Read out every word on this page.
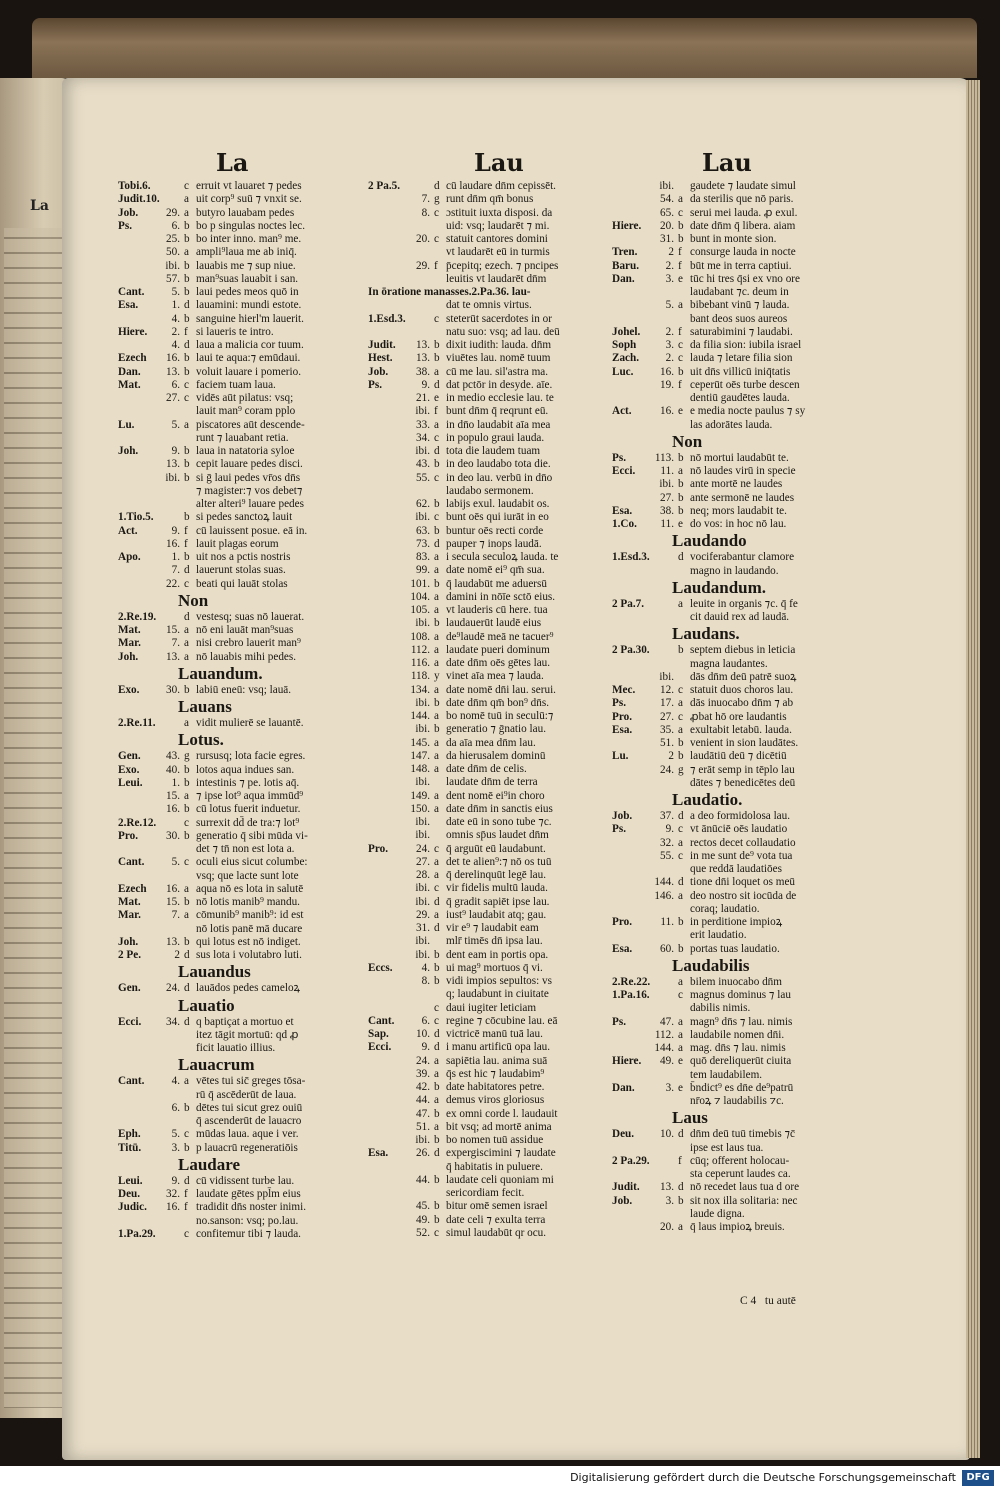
La
La	Lau	Lau
Tobi.6.	c erruit vt lauaret ⁊ pedes
Judit.10. a uit corp⁹ suū ⁊ vnxit se.
Job.	29. a butyro lauabam pedes
Ps.	6. b bo p singulas noctes lec.
25. b bo inter inno. man⁹ me.
50. a ampli⁹laua me ab iniq̄.
ibi. b lauabis me ⁊ sup niue.
57. b man⁹suas lauabit i san.
Cant.	5. b laui pedes meos quō in
Esa.	1. d lauamini: mundi estote.
4. b sanguine hierl'm lauerit.
Hiere.	2. f si laueris te intro.
4. d laua a malicia cor tuum.
Ezech	16. b laui te aqua:⁊ emūdaui.
Dan.	13. b voluit lauare i pomerio.
Mat.	6. c faciem tuam laua.
27. c vidēs aūt pilatus: vsq;
lauit man⁹ coram pplo
Lu.	5. a piscatores aūt descende-
runt ⁊ lauabant retia.
Joh.	9. b laua in natatoria syloe
13. b cepit lauare pedes disci.
ibi. b si ḡ laui pedes vr̄os dn̄s
⁊ magister:⁊ vos debet⁊
alter alteri⁹ lauare pedes
1.Tio.5.	b si pedes sanctoꝝ lauit
Act.	9. f cū lauissent posue. eā in.
16. f lauit plagas eorum
Apo.	1. b uit nos a pctis nostris
7. d lauerunt stolas suas.
22. c beati qui lauāt stolas
Non
2.Re.19. d vestesq; suas nō lauerat.
Mat.	15. a nō eni lauāt man⁹suas
Mar.	7. a nisi crebro lauerit man⁹
Joh.	13. a nō lauabis mihi pedes.
Lauandum.
Exo.	30. b labiū eneū: vsq; lauā.
Lauans
2.Re.11.	a vidit mulierē se lauantē.
Lotus.
Gen.	43. g rursusq; lota facie egres.
Exo.	40. b lotos aqua indues san.
Leui.	1. b intestinis ⁊ pe. lotis aq̄.
15. a ⁊ ipse lot⁹ aqua immūd⁹
16. b cū lotus fuerit induetur.
2.Re.12. c surrexit dd̄ de tra:⁊ lot⁹
Pro.	30. b generatio q̄ sibi mūda vi-
det ⁊ tn̄ non est lota a.
Cant.	5. c oculi eius sicut columbe:
vsq; que lacte sunt lote
Ezech	16. a aqua nō es lota in salutē
Mat.	15. b nō lotis manib⁹ mandu.
Mar.	7. a cōmunib⁹ manib⁹: id est
nō lotis panē mā ducare
Joh.	13. b qui lotus est nō indiget.
2 Pe.	2 d sus lota i volutabro luti.
Lauandus
Gen.	24. d lauādos pedes cameloꝝ
Lauatio
Ecci.	34. d q baptiçat a mortuo et
itez tāgit mortuū: qd ꝓ
ficit lauatio illius.
Lauacrum
Cant.	4. a vētes tui sic̄ greges tōsa-
rū q̄ ascēderūt de laua.
6. b dētes tui sicut grez ouiū
q̄ ascenderūt de lauacro
Eph.	5. c mūdas laua. aque i ver.
Titū.	3. b p lauacrū regeneratiōis
Laudare
Leui.	9. d cū vidissent turbe lau.
Deu.	32. f laudate gētes ppl̄m eius
Judic.	16. f tradidit dn̄s noster inimi.
no.sanson: vsq; po.lau.
1.Pa.29.	c confitemur tibi ⁊ lauda.
2 Pa.5.	d cū laudare dn̄m cepissēt.
7. g runt dn̄m qm̄ bonus
8. c ɔstituit iuxta disposi. da
uid: vsq; laudarēt ⁊ mi.
20. c statuit cantores domini
vt laudarēt eū in turmis
29. f p̄cepitq; ezech. ⁊ pncipes
leuitis vt laudarēt dn̄m
In ōratione manasses.2.Pa.36. lau-
dat te omnis virtus.
1.Esd.3.	c steterūt sacerdotes in or
natu suo: vsq; ad lau. deū
Judit.	13. b dixit iudith: lauda. dn̄m
Hest.	13. b viuētes lau. nomē tuum
Job.	38. a cū me lau. sil'astra ma.
Ps.	9. d dat pctōr in desyde. aīe.
21. e in medio ecclesie lau. te
ibi. f bunt dn̄m q̄ reqrunt eū.
33. a in dn̄o laudabit aīa mea
34. c in populo graui lauda.
ibi. d tota die laudem tuam
43. b in deo laudabo tota die.
55. c in deo lau. verbū in dn̄o
laudabo sermonem.
62. b labijs exul. laudabit os.
ibi. c bunt oēs qui iurāt in eo
63. b buntur oēs recti corde
73. d pauper ⁊ inops laudā.
83. a i secula seculoꝝ lauda. te
99. a date nomē ei⁹ qm̄ sua.
101. b q̄ laudabūt me aduersū
104. a damini in nōīe sctō eius.
105. a vt lauderis cū here. tua
ibi. b laudauerūt laudē eius
108. a de⁹laudē meā ne tacuer⁹
112. a laudate pueri dominum
116. a date dn̄m oēs gētes lau.
118. y vinet aīa mea ⁊ lauda.
134. a date nomē dn̄i lau. serui.
ibi. b date dn̄m qm̄ bon⁹ dn̄s.
144. a bo nomē tuū in seculū:⁊
ibi. b generatio ⁊ ḡnatio lau.
145. a da aīa mea dn̄m lau.
147. a da hierusalem dominū
148. a date dn̄m de celis.
ibi.	laudate dn̄m de terra
149. a dent nomē ei⁹in choro
150. a date dn̄m in sanctis eius
ibi.	date eū in sono tube ⁊c.
ibi.	omnis sp̄us laudet dn̄m
Pro.	24. c q̄ arguūt eū laudabunt.
27. a det te alien⁹:⁊ nō os tuū
28. a q̄ derelinquūt legē lau.
ibi. c vir fidelis multū lauda.
ibi. d q̄ gradit sapiēt ipse lau.
29. a iust⁹ laudabit atq; gau.
31. d vir e⁹ ⁊ laudabit eam
ibi.	mlr̄ timēs dn̄ ipsa lau.
ibi. b dent eam in portis opa.
Eccs.	4. b ui mag⁹ mortuos q̄ vi.
8. b vidi impios sepultos: vs
q; laudabunt in ciuitate
c daui iugiter leticiam
Cant.	6. c regine ⁊ cōcubine lau. eā
Sap.	10. d victricē manū tuā lau.
Ecci.	9. d i manu artificū opa lau.
24. a sapiētia lau. anima suā
39. a q̄s est hic ⁊ laudabim⁹
42. b date habitatores petre.
44. a demus viros gloriosus
47. b ex omni corde l. laudauit
51. a bit vsq; ad mortē anima
ibi. b bo nomen tuū assidue
Esa.	26. d expergiscimini ⁊ laudate
q̄ habitatis in puluere.
44. b laudate celi quoniam mi
sericordiam fecit.
45. b bitur omē semen israel
49. b date celi ⁊ exulta terra
52. c simul laudabūt qr ocu.
ibi.	gaudete ⁊ laudate simul
54. a da sterilis que nō paris.
65. c serui mei lauda. ꝓ exul.
Hiere.	20. b date dn̄m q̄ libera. aiam
31. b bunt in monte sion.
Tren.	2 f consurge lauda in nocte
Baru.	2. f būt me in terra captiui.
Dan.	3. e tūc hi tres q̄si ex vno ore
laudabant ⁊c. deum in
5. a bibebant vinū ⁊ lauda.
bant deos suos aureos
Johel.	2. f saturabimini ⁊ laudabi.
Soph	3. c da filia sion: iubila israel
Zach.	2. c lauda ⁊ letare filia sion
Luc.	16. b uit dn̄s villicū iniq̄tatis
19. f ceperūt oēs turbe descen
dentiū gaudētes lauda.
Act.	16. e e media nocte paulus ⁊ sy
las adorātes lauda.
Non
Ps.	113. b nō mortui laudabūt te.
Ecci.	11. a nō laudes virū in specie
ibi. b ante mortē ne laudes
27. b ante sermonē ne laudes
Esa.	38. b neq; mors laudabit te.
1.Co.	11. e do vos: in hoc nō lau.
Laudando
1.Esd.3.	d vociferabantur clamore
magno in laudando.
Laudandum.
2 Pa.7.	a leuite in organis ⁊c. q̄ fe
cit dauid rex ad laudā.
Laudans.
2 Pa.30.	b septem diebus in leticia
magna laudantes.
ibi.	dās dn̄m deū patrē suoꝝ
Mec.	12. c statuit duos choros lau.
Ps.	17. a dās inuocabo dn̄m ⁊ ab
Pro.	27. c ꝓbat hō ore laudantis
Esa.	35. a exultabit letabū. lauda.
51. b venient in sion laudātes.
Lu.	2 b laudātiū deū ⁊ dicētiū
24. g ⁊ erāt semp in tēplo lau
dātes ⁊ benedicētes deū
Laudatio.
Job.	37. d a deo formidolosa lau.
Ps.	9. c vt ānūciē oēs laudatio
32. a rectos decet collaudatio
55. c in me sunt de⁹ vota tua
que reddā laudatiōes
144. d tione dn̄i loquet os meū
146. a deo nostro sit iocūda de
coraq; laudatio.
Pro.	11. b in perditione impioꝝ
erit laudatio.
Esa.	60. b portas tuas laudatio.
Laudabilis
2.Re.22. a bilem inuocabo dn̄m
1.Pa.16.	c magnus dominus ⁊ lau
dabilis nimis.
Ps.	47. a magn⁹ dn̄s ⁊ lau. nimis
112. a laudabile nomen dn̄i.
144. a mag. dn̄s ⁊ lau. nimis
Hiere.	49. e quō dereliquerūt ciuita
tem laudabilem.
Dan.	3. e b̄ndict⁹ es dn̄e de⁹patrū
nr̄oꝝ ⁊ laudabilis ⁊c.
Laus
Deu.	10. d dn̄m deū tuū timebis ⁊c̄
ipse est laus tua.
2 Pa.29.	f cūq; offerent holocau-
sta ceperunt laudes ca.
Judit.	13. d nō recedet laus tua d ore
Job.	3. b sit nox illa solitaria: nec
laude digna.
20. a q̄ laus impioꝝ breuis.
C 4 tu autē
Digitalisierung gefördert durch die Deutsche Forschungsgemeinschaft	DFG
